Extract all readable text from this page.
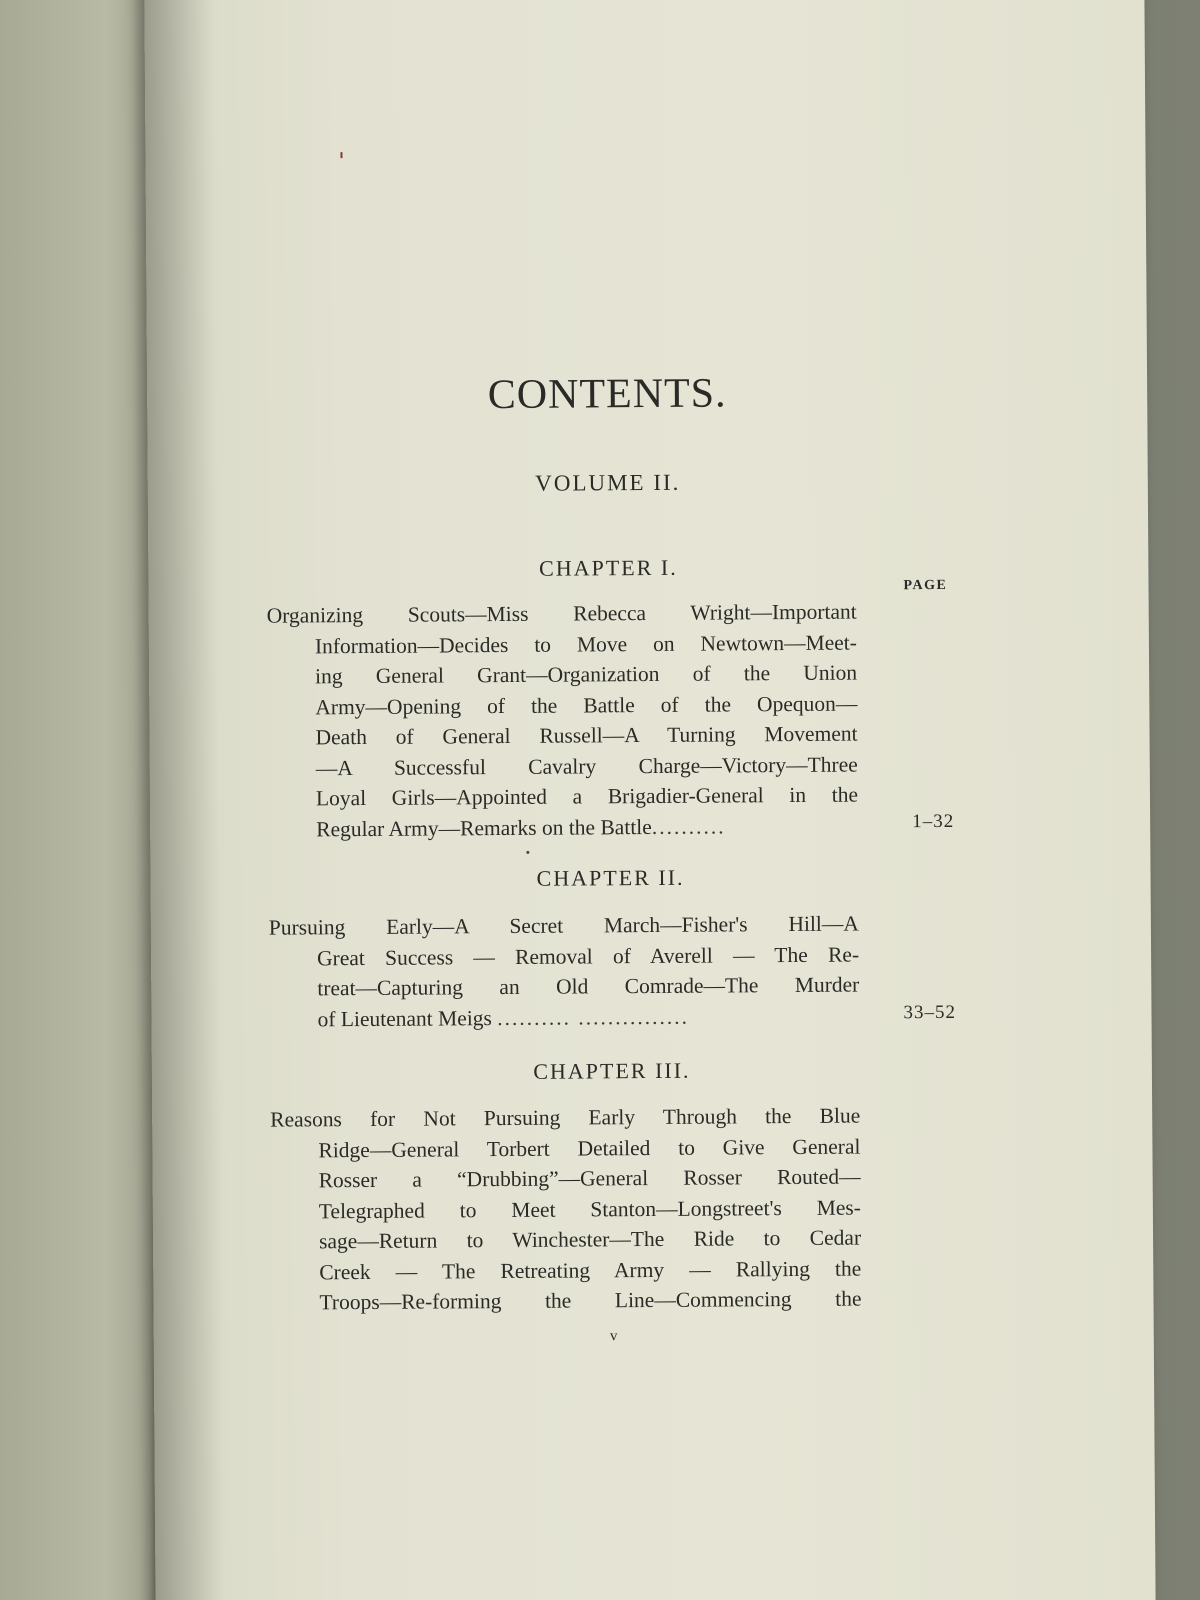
CONTENTS.
VOLUME II.
CHAPTER I.
PAGE
Organizing Scouts—Miss Rebecca Wright—Important
Information—Decides to Move on Newtown—Meet-
ing General Grant—Organization of the Union
Army—Opening of the Battle of the Opequon—
Death of General Russell—A Turning Movement
—A Successful Cavalry Charge—Victory—Three
Loyal Girls—Appointed a Brigadier-General in the
Regular Army—Remarks on the Battle..........	1–32
CHAPTER II.
Pursuing Early—A Secret March—Fisher's Hill—A
Great Success — Removal of Averell — The Re-
treat—Capturing an Old Comrade—The Murder
of Lieutenant Meigs .......... ...............	33–52
CHAPTER III.
Reasons for Not Pursuing Early Through the Blue
Ridge—General Torbert Detailed to Give General
Rosser a “Drubbing”—General Rosser Routed—
Telegraphed to Meet Stanton—Longstreet's Mes-
sage—Return to Winchester—The Ride to Cedar
Creek — The Retreating Army — Rallying the
Troops—Re-forming the Line—Commencing the
v
